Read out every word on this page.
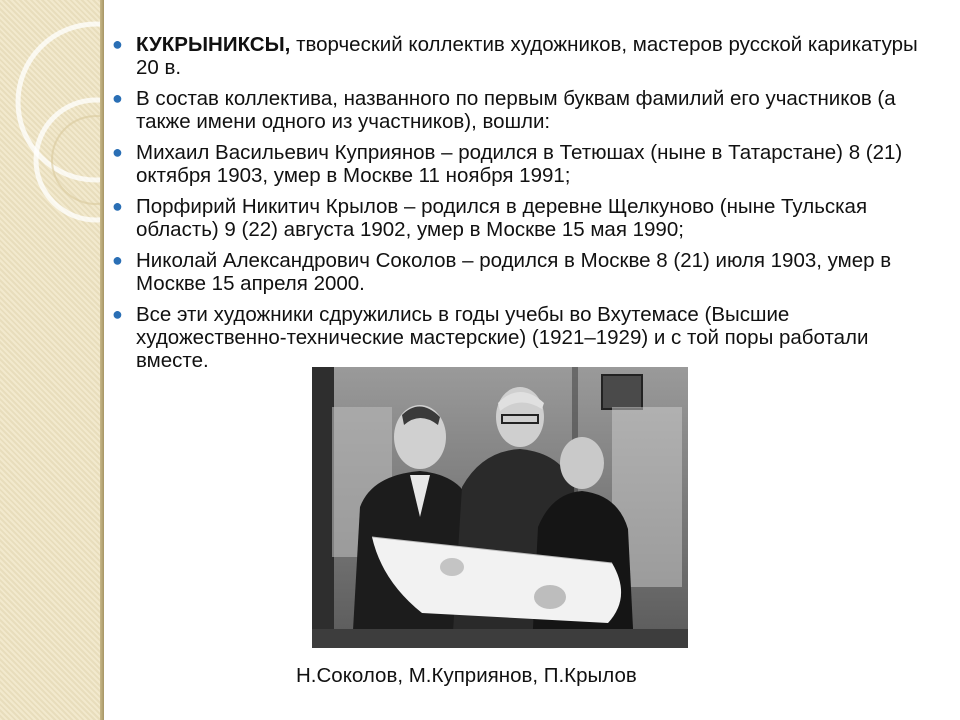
● КУКРЫНИКСЫ, творческий коллектив художников, мастеров русской карикатуры 20 в.
● В состав коллектива, названного по первым буквам фамилий его участников (а также имени одного из участников), вошли:
● Михаил Васильевич Куприянов – родился в Тетюшах (ныне в Татарстане) 8 (21) октября 1903, умер в Москве 11 ноября 1991;
● Порфирий Никитич Крылов – родился в деревне Щелкуново (ныне Тульская область) 9 (22) августа 1902, умер в Москве 15 мая 1990;
● Николай Александрович Соколов – родился в Москве 8 (21) июля 1903, умер в Москве 15 апреля 2000.
● Все эти художники сдружились в годы учебы во Вхутемасе (Высшие художественно-технические мастерские) (1921–1929) и с той поры работали вместе.
Н.Соколов, М.Куприянов, П.Крылов
